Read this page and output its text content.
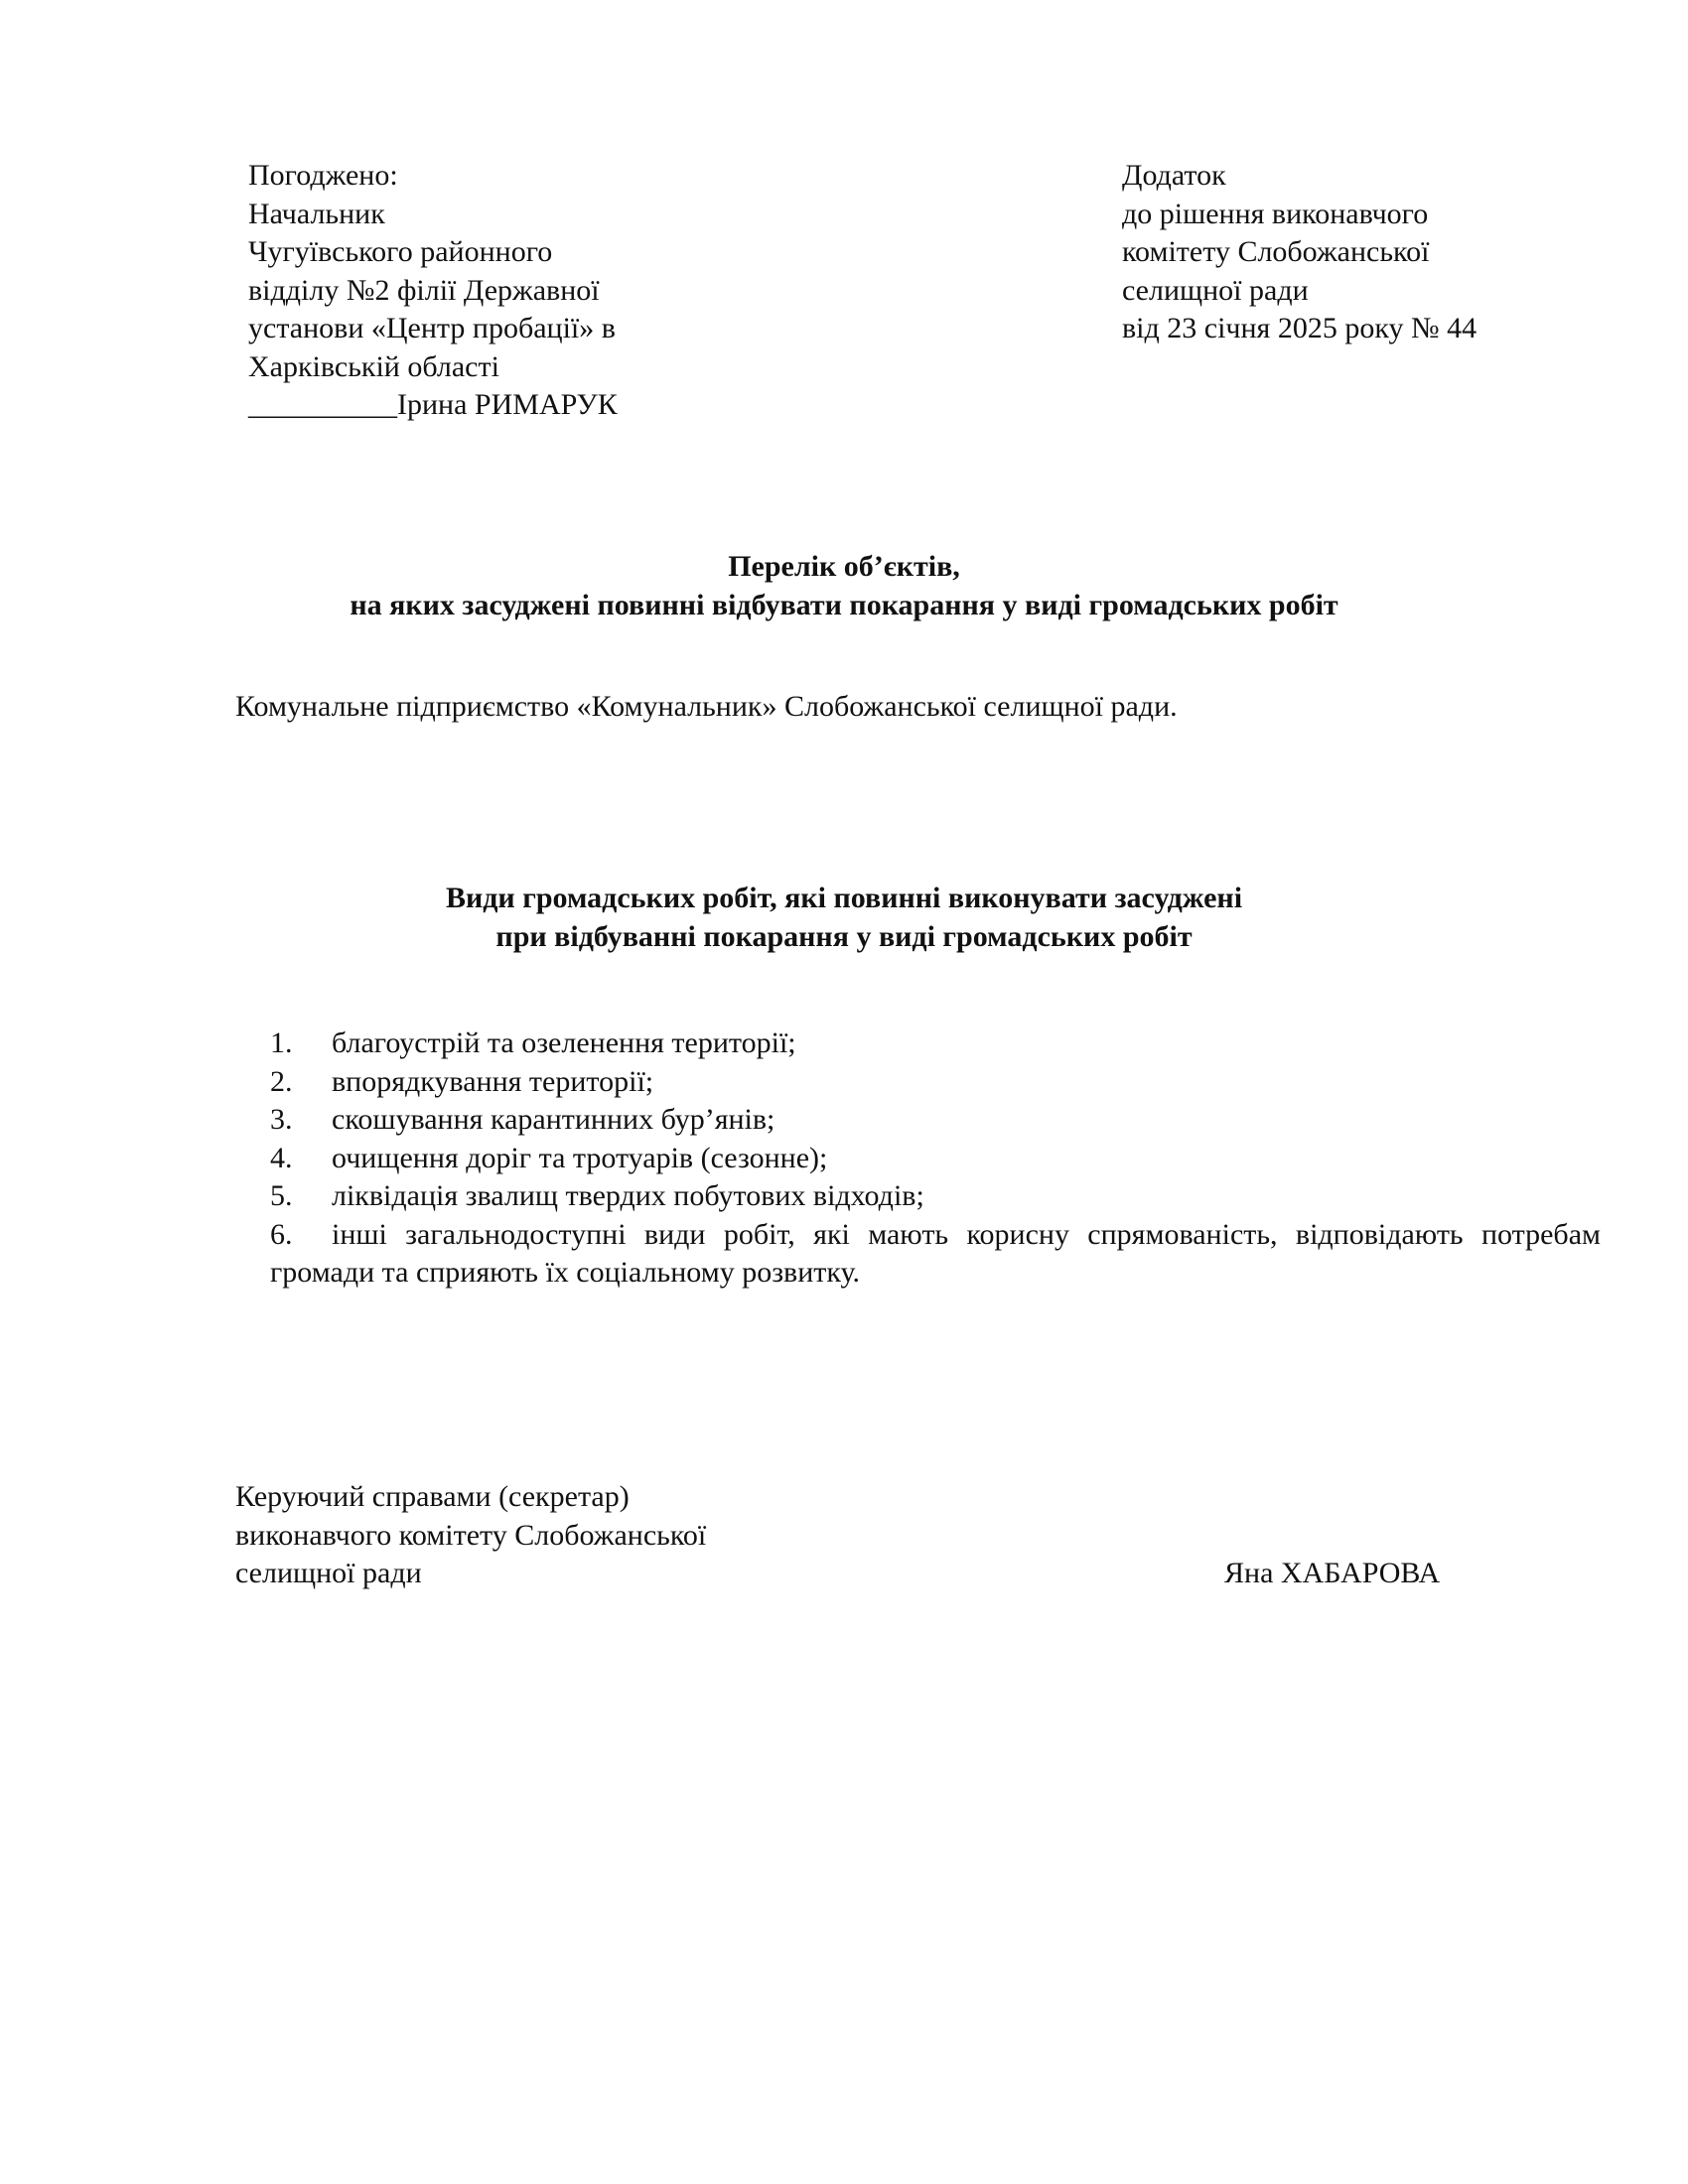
Погоджено:
Начальник
Чугуївського районного
відділу №2 філії Державної
установи «Центр пробації» в
Харківській області
__________Ірина РИМАРУК
Додаток
до рішення виконавчого
комітету Слобожанської
селищної ради
від 23 січня 2025 року № 44
Перелік об’єктів,
на яких засуджені повинні відбувати покарання у виді громадських робіт
Комунальне підприємство «Комунальник» Слобожанської селищної ради.
Види громадських робіт, які повинні виконувати засуджені
при відбуванні покарання у виді громадських робіт
1.	благоустрій та озеленення території;
2.	впорядкування території;
3.	скошування карантинних бур’янів;
4.	очищення доріг та тротуарів (сезонне);
5.	ліквідація звалищ твердих побутових відходів;
6. інші загальнодоступні види робіт, які мають корисну спрямованість, відповідають потребам громади та сприяють їх соціальному розвитку.
Керуючий справами (секретар)
виконавчого комітету Слобожанської
селищної ради	Яна ХАБАРОВА
